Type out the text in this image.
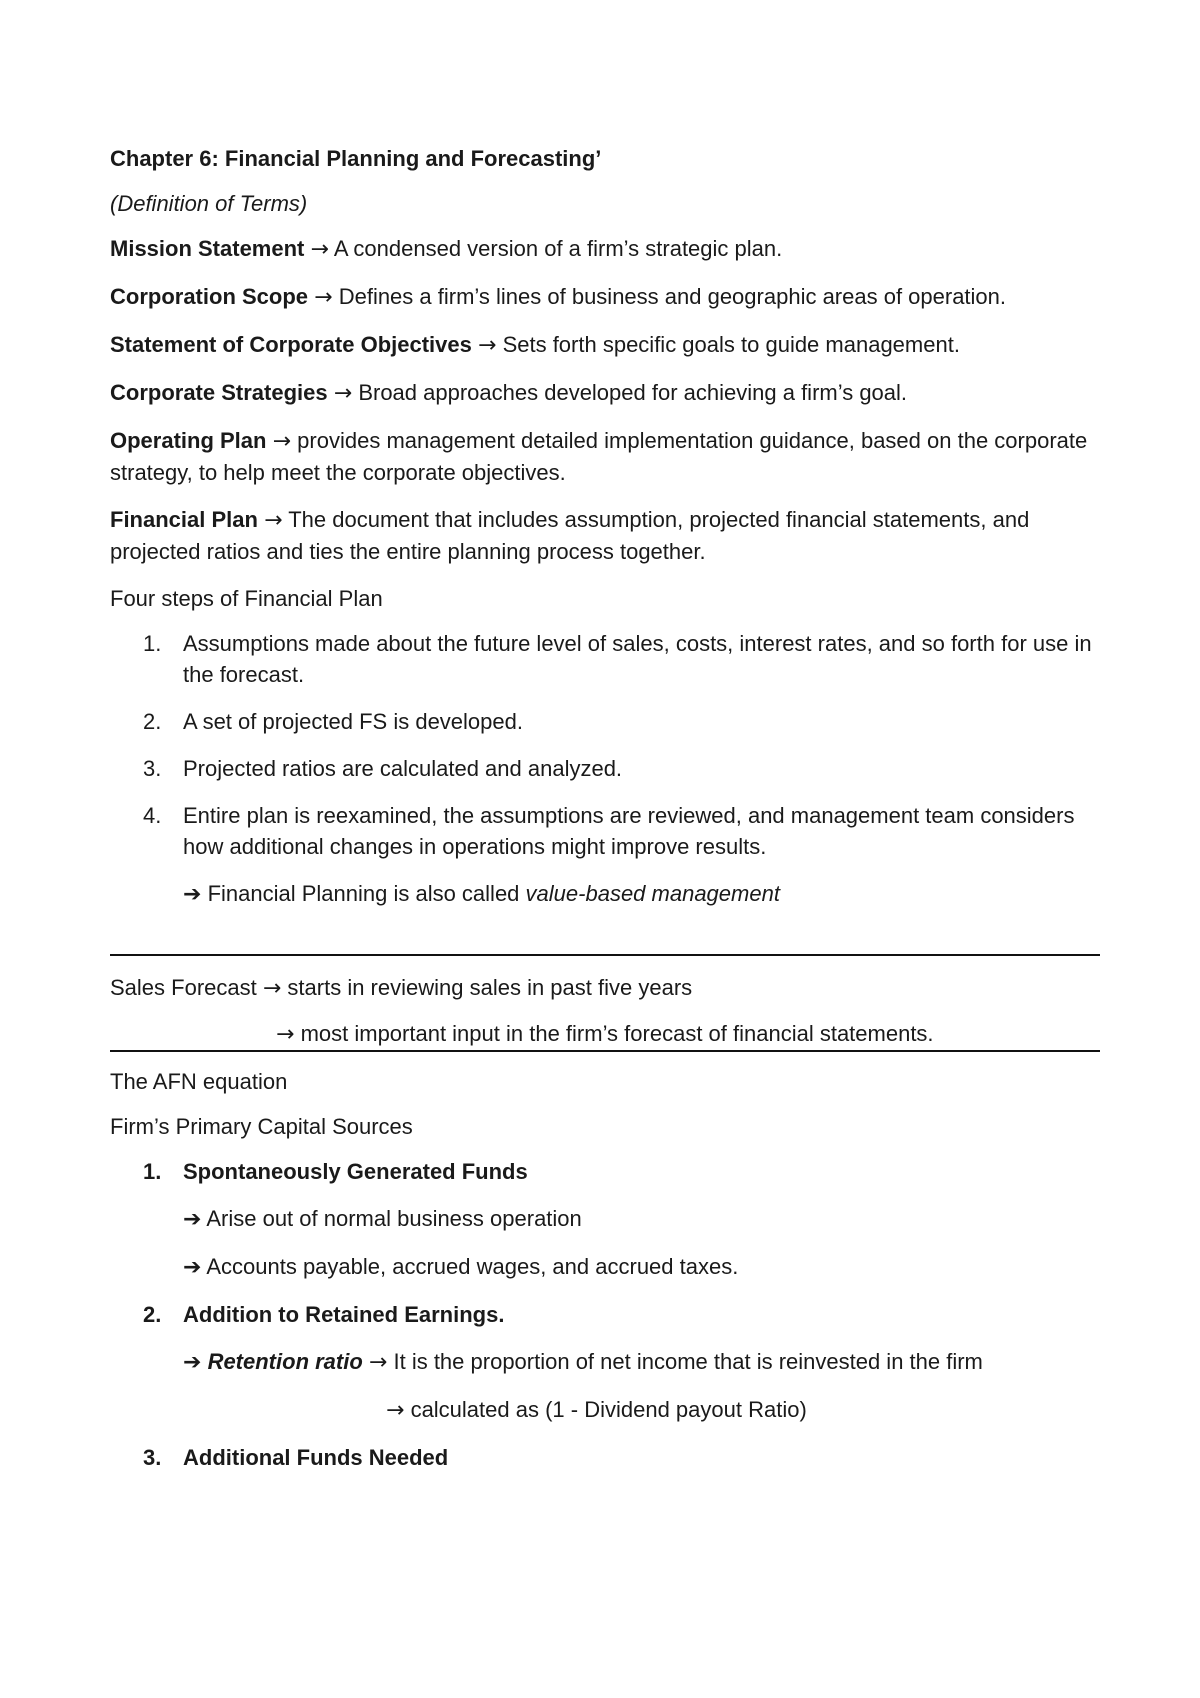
Chapter 6: Financial Planning and Forecasting’

(Definition of Terms)

Mission Statement → A condensed version of a firm’s strategic plan.

Corporation Scope → Defines a firm’s lines of business and geographic areas of operation.

Statement of Corporate Objectives → Sets forth specific goals to guide management.

Corporate Strategies → Broad approaches developed for achieving a firm’s goal.

Operating Plan → provides management detailed implementation guidance, based on the corporate strategy, to help meet the corporate objectives.

Financial Plan → The document that includes assumption, projected financial statements, and projected ratios and ties the entire planning process together.

Four steps of Financial Plan

1. Assumptions made about the future level of sales, costs, interest rates, and so forth for use in the forecast.
2. A set of projected FS is developed.
3. Projected ratios are calculated and analyzed.
4. Entire plan is reexamined, the assumptions are reviewed, and management team considers how additional changes in operations might improve results.

➔ Financial Planning is also called value-based management

Sales Forecast → starts in reviewing sales in past five years

→ most important input in the firm’s forecast of financial statements.

The AFN equation

Firm’s Primary Capital Sources

1. Spontaneously Generated Funds

➔ Arise out of normal business operation

➔ Accounts payable, accrued wages, and accrued taxes.

2. Addition to Retained Earnings.

➔ Retention ratio → It is the proportion of net income that is reinvested in the firm

→ calculated as (1 - Dividend payout Ratio)

3. Additional Funds Needed
